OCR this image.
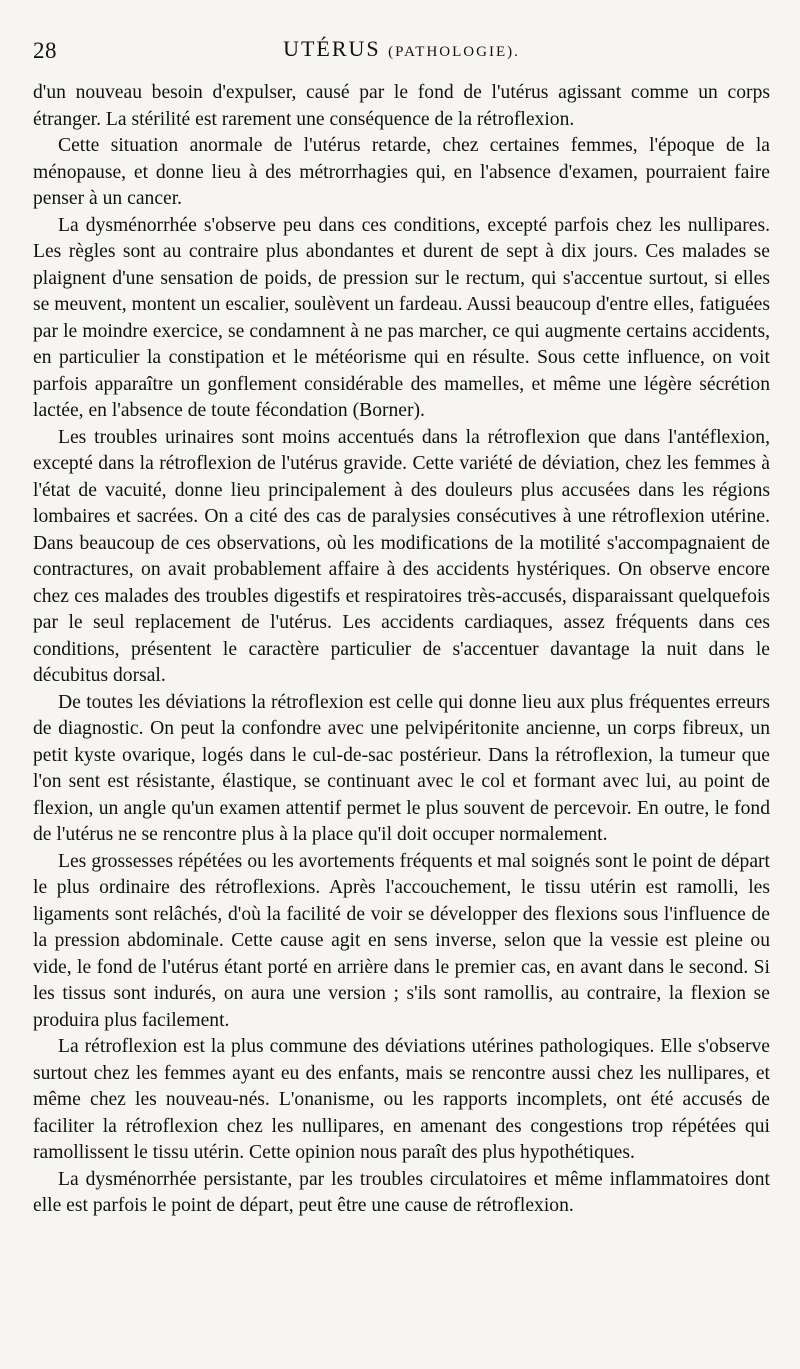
28	UTÉRUS (PATHOLOGIE).

d'un nouveau besoin d'expulser, causé par le fond de l'utérus agissant comme un corps étranger. La stérilité est rarement une conséquence de la rétroflexion.

Cette situation anormale de l'utérus retarde, chez certaines femmes, l'époque de la ménopause, et donne lieu à des métrorrhagies qui, en l'absence d'examen, pourraient faire penser à un cancer.

La dysménorrhée s'observe peu dans ces conditions, excepté parfois chez les nullipares. Les règles sont au contraire plus abondantes et durent de sept à dix jours. Ces malades se plaignent d'une sensation de poids, de pression sur le rectum, qui s'accentue surtout, si elles se meuvent, montent un escalier, soulèvent un fardeau. Aussi beaucoup d'entre elles, fatiguées par le moindre exercice, se condamnent à ne pas marcher, ce qui augmente certains accidents, en particulier la constipation et le météorisme qui en résulte. Sous cette influence, on voit parfois apparaître un gonflement considérable des mamelles, et même une légère sécrétion lactée, en l'absence de toute fécondation (Borner).

Les troubles urinaires sont moins accentués dans la rétroflexion que dans l'antéflexion, excepté dans la rétroflexion de l'utérus gravide. Cette variété de déviation, chez les femmes à l'état de vacuité, donne lieu principalement à des douleurs plus accusées dans les régions lombaires et sacrées. On a cité des cas de paralysies consécutives à une rétroflexion utérine. Dans beaucoup de ces observations, où les modifications de la motilité s'accompagnaient de contractures, on avait probablement affaire à des accidents hystériques. On observe encore chez ces malades des troubles digestifs et respiratoires très-accusés, disparaissant quelquefois par le seul replacement de l'utérus. Les accidents cardiaques, assez fréquents dans ces conditions, présentent le caractère particulier de s'accentuer davantage la nuit dans le décubitus dorsal.

De toutes les déviations la rétroflexion est celle qui donne lieu aux plus fréquentes erreurs de diagnostic. On peut la confondre avec une pelvipéritonite ancienne, un corps fibreux, un petit kyste ovarique, logés dans le cul-de-sac postérieur. Dans la rétroflexion, la tumeur que l'on sent est résistante, élastique, se continuant avec le col et formant avec lui, au point de flexion, un angle qu'un examen attentif permet le plus souvent de percevoir. En outre, le fond de l'utérus ne se rencontre plus à la place qu'il doit occuper normalement.

Les grossesses répétées ou les avortements fréquents et mal soignés sont le point de départ le plus ordinaire des rétroflexions. Après l'accouchement, le tissu utérin est ramolli, les ligaments sont relâchés, d'où la facilité de voir se développer des flexions sous l'influence de la pression abdominale. Cette cause agit en sens inverse, selon que la vessie est pleine ou vide, le fond de l'utérus étant porté en arrière dans le premier cas, en avant dans le second. Si les tissus sont indurés, on aura une version ; s'ils sont ramollis, au contraire, la flexion se produira plus facilement.

La rétroflexion est la plus commune des déviations utérines pathologiques. Elle s'observe surtout chez les femmes ayant eu des enfants, mais se rencontre aussi chez les nullipares, et même chez les nouveau-nés. L'onanisme, ou les rapports incomplets, ont été accusés de faciliter la rétroflexion chez les nullipares, en amenant des congestions trop répétées qui ramollissent le tissu utérin. Cette opinion nous paraît des plus hypothétiques.

La dysménorrhée persistante, par les troubles circulatoires et même inflammatoires dont elle est parfois le point de départ, peut être une cause de rétroflexion.
